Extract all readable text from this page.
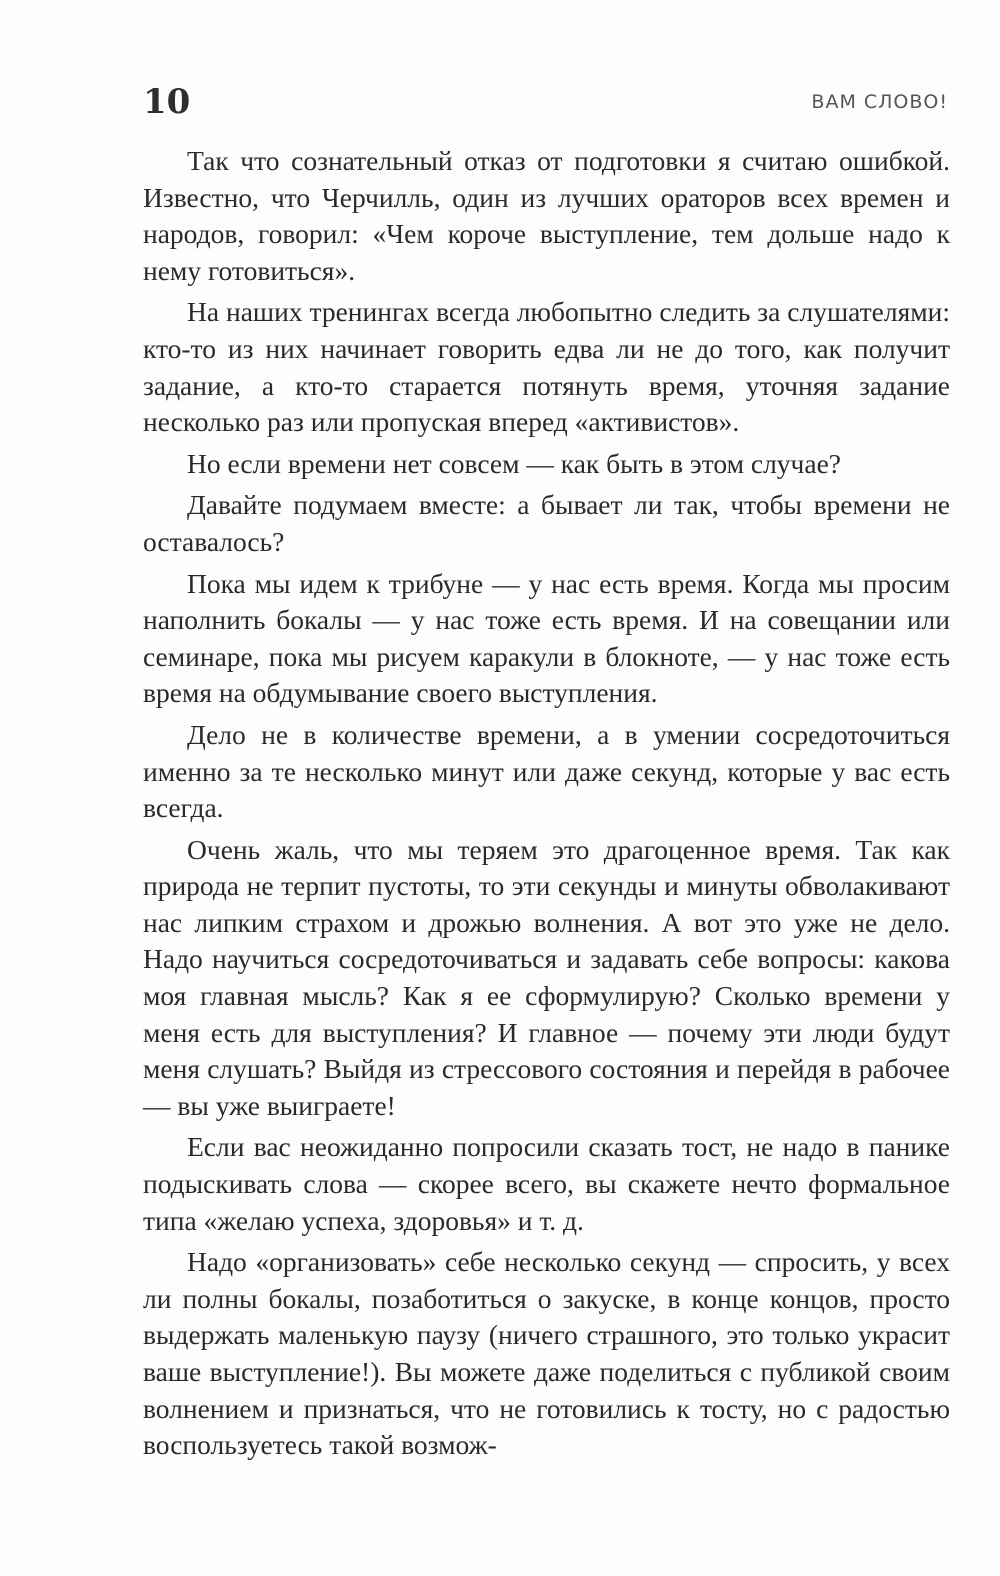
10	ВАМ СЛОВО!

Так что сознательный отказ от подготовки я считаю ошибкой. Известно, что Черчилль, один из лучших ораторов всех времен и народов, говорил: «Чем короче выступление, тем дольше надо к нему готовиться».

На наших тренингах всегда любопытно следить за слушателями: кто-то из них начинает говорить едва ли не до того, как получит задание, а кто-то старается потянуть время, уточняя задание несколько раз или пропуская вперед «активистов».

Но если времени нет совсем — как быть в этом случае?

Давайте подумаем вместе: а бывает ли так, чтобы времени не оставалось?

Пока мы идем к трибуне — у нас есть время. Когда мы просим наполнить бокалы — у нас тоже есть время. И на совещании или семинаре, пока мы рисуем каракули в блокноте, — у нас тоже есть время на обдумывание своего выступления.

Дело не в количестве времени, а в умении сосредоточиться именно за те несколько минут или даже секунд, которые у вас есть всегда.

Очень жаль, что мы теряем это драгоценное время. Так как природа не терпит пустоты, то эти секунды и минуты обволакивают нас липким страхом и дрожью волнения. А вот это уже не дело. Надо научиться сосредоточиваться и задавать себе вопросы: какова моя главная мысль? Как я ее сформулирую? Сколько времени у меня есть для выступления? И главное — почему эти люди будут меня слушать? Выйдя из стрессового состояния и перейдя в рабочее — вы уже выиграете!

Если вас неожиданно попросили сказать тост, не надо в панике подыскивать слова — скорее всего, вы скажете нечто формальное типа «желаю успеха, здоровья» и т. д.

Надо «организовать» себе несколько секунд — спросить, у всех ли полны бокалы, позаботиться о закуске, в конце концов, просто выдержать маленькую паузу (ничего страшного, это только украсит ваше выступление!). Вы можете даже поделиться с публикой своим волнением и признаться, что не готовились к тосту, но с радостью воспользуетесь такой возмож-
